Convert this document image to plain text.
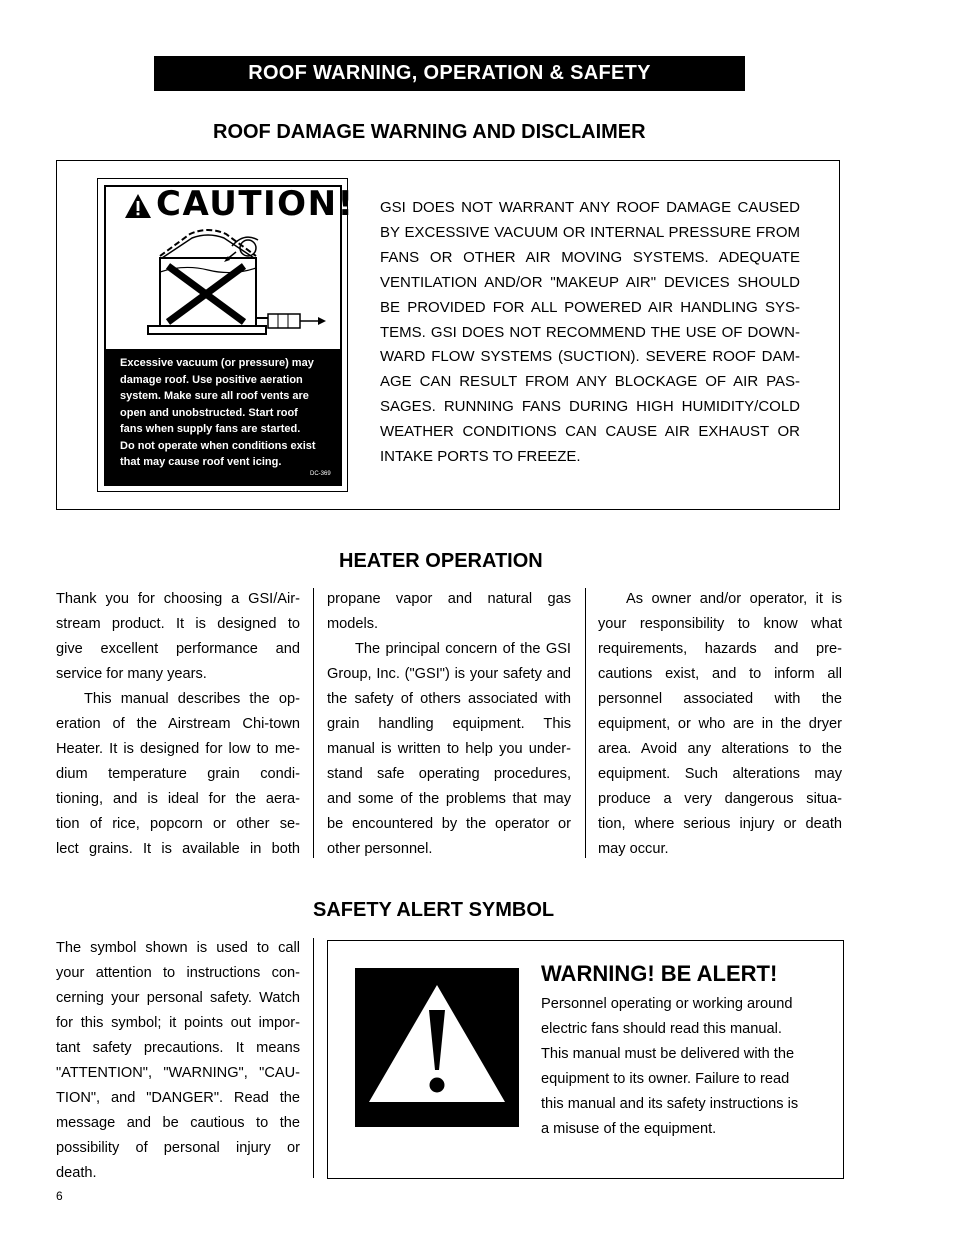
ROOF WARNING, OPERATION & SAFETY
ROOF DAMAGE WARNING AND DISCLAIMER
CAUTION!
Excessive vacuum (or pressure) may
damage roof. Use positive aeration
system. Make sure all roof vents are
open and unobstructed. Start roof
fans when supply fans are started.
Do not operate when conditions exist
that may cause roof vent icing.
DC-369
GSI DOES NOT WARRANT ANY ROOF DAMAGE CAUSED
BY EXCESSIVE VACUUM OR INTERNAL PRESSURE FROM
FANS OR OTHER AIR MOVING SYSTEMS. ADEQUATE
VENTILATION AND/OR "MAKEUP AIR" DEVICES SHOULD
BE PROVIDED FOR ALL POWERED AIR HANDLING SYS-
TEMS. GSI DOES NOT RECOMMEND THE USE OF DOWN-
WARD FLOW SYSTEMS (SUCTION). SEVERE ROOF DAM-
AGE CAN RESULT FROM ANY BLOCKAGE OF AIR PAS-
SAGES. RUNNING FANS DURING HIGH HUMIDITY/COLD
WEATHER CONDITIONS CAN CAUSE AIR EXHAUST OR
INTAKE PORTS TO FREEZE.
HEATER OPERATION
Thank you for choosing a GSI/Air-
stream product. It is designed to
give excellent performance and
service for many years.
This manual describes the op-
eration of the Airstream Chi-town
Heater. It is designed for low to me-
dium temperature grain condi-
tioning, and is ideal for the aera-
tion of rice, popcorn or other se-
lect grains. It is available in both
propane vapor and natural gas
models.
The principal concern of the GSI
Group, Inc. ("GSI") is your safety and
the safety of others associated with
grain handling equipment. This
manual is written to help you under-
stand safe operating procedures,
and some of the problems that may
be encountered by the operator or
other personnel.
As owner and/or operator, it is
your responsibility to know what
requirements, hazards and pre-
cautions exist, and to inform all
personnel associated with the
equipment, or who are in the dryer
area. Avoid any alterations to the
equipment. Such alterations may
produce a very dangerous situa-
tion, where serious injury or death
may occur.
SAFETY ALERT SYMBOL
The symbol shown is used to call
your attention to instructions con-
cerning your personal safety. Watch
for this symbol; it points out impor-
tant safety precautions. It means
"ATTENTION", "WARNING", "CAU-
TION", and "DANGER". Read the
message and be cautious to the
possibility of personal injury or
death.
WARNING! BE ALERT!
Personnel operating or working around
electric fans should read this manual.
This manual must be delivered with the
equipment to its owner. Failure to read
this manual and its safety instructions is
a misuse of the equipment.
6
